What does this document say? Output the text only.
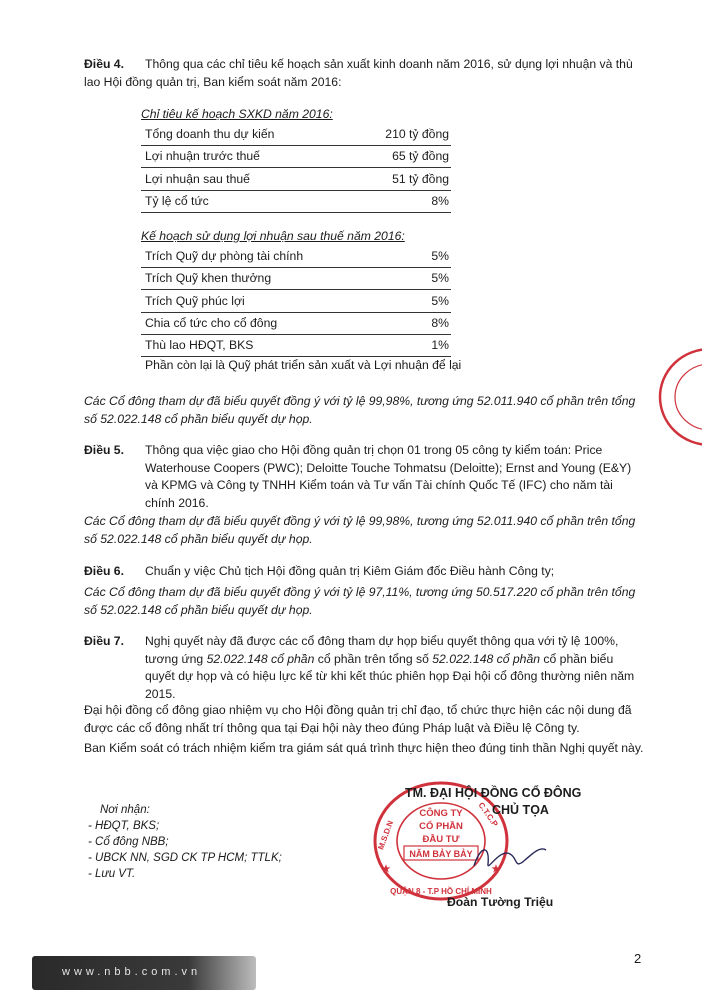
Điều 4.	Thông qua các chỉ tiêu kế hoạch sản xuất kinh doanh năm 2016, sử dụng lợi nhuận và thù lao Hội đồng quản trị, Ban kiểm soát năm 2016:
Chỉ tiêu kế hoạch SXKD năm 2016:
Tổng doanh thu dự kiến	210 tỷ đồng
Lợi nhuận trước thuế	65 tỷ đồng
Lợi nhuận sau thuế	51 tỷ đồng
Tỷ lệ cổ tức	8%
Kế hoạch sử dụng lợi nhuận sau thuế năm 2016:
Trích Quỹ dự phòng tài chính	5%
Trích Quỹ khen thưởng	5%
Trích Quỹ phúc lợi	5%
Chia cổ tức cho cổ đông	8%
Thù lao HĐQT, BKS	1%
Phần còn lại là Quỹ phát triển sản xuất và Lợi nhuận để lại
Các Cổ đông tham dự đã biểu quyết đồng ý với tỷ lệ 99,98%, tương ứng 52.011.940 cổ phần trên tổng số 52.022.148 cổ phần biểu quyết dự họp.
Điều 5. Thông qua việc giao cho Hội đồng quản trị chọn 01 trong 05 công ty kiểm toán: Price Waterhouse Coopers (PWC); Deloitte Touche Tohmatsu (Deloitte); Ernst and Young (E&Y) và KPMG và Công ty TNHH Kiểm toán và Tư vấn Tài chính Quốc Tế (IFC) cho năm tài chính 2016.
Các Cổ đông tham dự đã biểu quyết đồng ý với tỷ lệ 99,98%, tương ứng 52.011.940 cổ phần trên tổng số 52.022.148 cổ phần biểu quyết dự họp.
Điều 6. Chuẩn y việc Chủ tịch Hội đồng quản trị Kiêm Giám đốc Điều hành Công ty;
Các Cổ đông tham dự đã biểu quyết đồng ý với tỷ lệ 97,11%, tương ứng 50.517.220 cổ phần trên tổng số 52.022.148 cổ phần biểu quyết dự họp.
Điều 7. Nghị quyết này đã được các cổ đông tham dự họp biểu quyết thông qua với tỷ lệ 100%, tương ứng 52.022.148 cổ phần cổ phần trên tổng số 52.022.148 cổ phần cổ phần biểu quyết dự họp và có hiệu lực kể từ khi kết thúc phiên họp Đại hội cổ đông thường niên năm 2015.
Đại hội đồng cổ đông giao nhiệm vụ cho Hội đồng quản trị chỉ đạo, tổ chức thực hiện các nội dung đã được các cổ đông nhất trí thông qua tại Đại hội này theo đúng Pháp luật và Điều lệ Công ty.
Ban Kiểm soát có trách nhiệm kiểm tra giám sát quá trình thực hiện theo đúng tinh thần Nghị quyết này.
Nơi nhận:
- HĐQT, BKS;
- Cổ đông NBB;
- UBCK NN, SGD CK TP HCM; TTLK;
- Lưu VT.
CÔNG TY
CỔ PHẦN
ĐẦU TƯ
NĂM BẢY BẢY
M.S.D.N
C.T.C.P
QUẬN 8 - T.P HỒ CHÍ MINH
★	★
TM. ĐẠI HỘI ĐỒNG CỔ ĐÔNG
CHỦ TỌA
Đoàn Tường Triệu
2
www.nbb.com.vn
